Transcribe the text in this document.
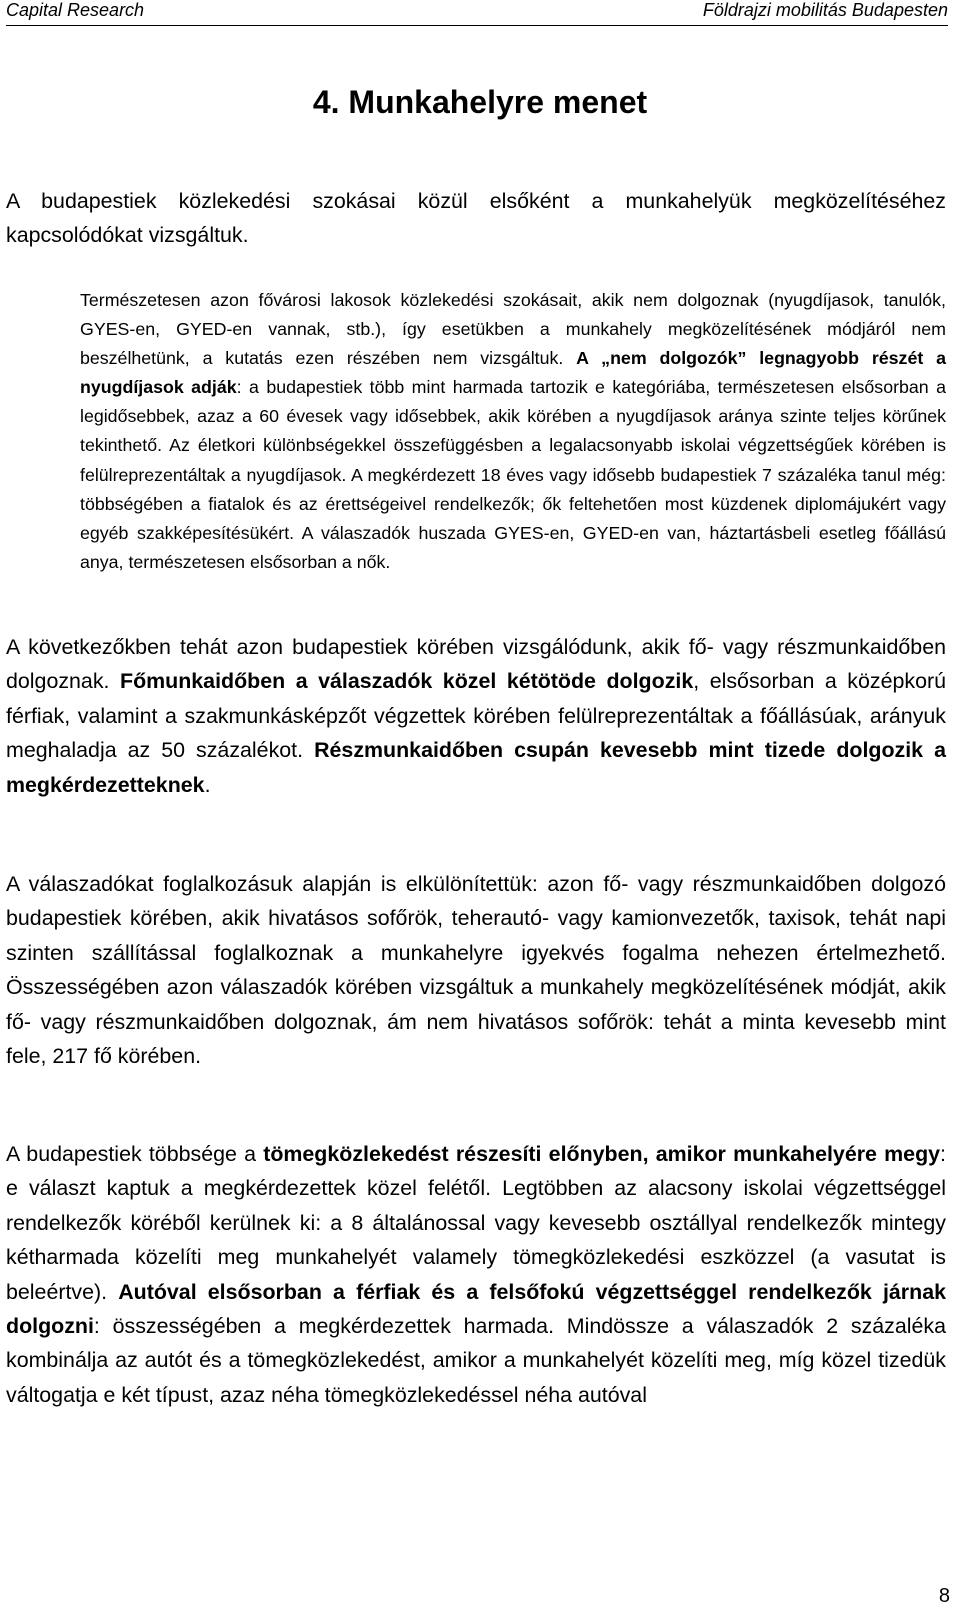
Capital Research	Földrajzi mobilitás Budapesten
4. Munkahelyre menet

A budapestiek közlekedési szokásai közül elsőként a munkahelyük megközelítéséhez kapcsolódókat vizsgáltuk.

Természetesen azon fővárosi lakosok közlekedési szokásait, akik nem dolgoznak (nyugdíjasok, tanulók, GYES-en, GYED-en vannak, stb.), így esetükben a munkahely megközelítésének módjáról nem beszélhetünk, a kutatás ezen részében nem vizsgáltuk. A „nem dolgozók” legnagyobb részét a nyugdíjasok adják: a budapestiek több mint harmada tartozik e kategóriába, természetesen elsősorban a legidősebbek, azaz a 60 évesek vagy idősebbek, akik körében a nyugdíjasok aránya szinte teljes körűnek tekinthető. Az életkori különbségekkel összefüggésben a legalacsonyabb iskolai végzettségűek körében is felülreprezentáltak a nyugdíjasok. A megkérdezett 18 éves vagy idősebb budapestiek 7 százaléka tanul még: többségében a fiatalok és az érettségeivel rendelkezők; ők feltehetően most küzdenek diplomájukért vagy egyéb szakképesítésükért. A válaszadók huszada GYES-en, GYED-en van, háztartásbeli esetleg főállású anya, természetesen elsősorban a nők.

A következőkben tehát azon budapestiek körében vizsgálódunk, akik fő- vagy részmunkaidőben dolgoznak. Főmunkaidőben a válaszadók közel kétötöde dolgozik, elsősorban a középkorú férfiak, valamint a szakmunkásképzőt végzettek körében felülreprezentáltak a főállásúak, arányuk meghaladja az 50 százalékot. Részmunkaidőben csupán kevesebb mint tizede dolgozik a megkérdezetteknek.

A válaszadókat foglalkozásuk alapján is elkülönítettük: azon fő- vagy részmunkaidőben dolgozó budapestiek körében, akik hivatásos sofőrök, teherautó- vagy kamionvezetők, taxisok, tehát napi szinten szállítással foglalkoznak a munkahelyre igyekvés fogalma nehezen értelmezhető. Összességében azon válaszadók körében vizsgáltuk a munkahely megközelítésének módját, akik fő- vagy részmunkaidőben dolgoznak, ám nem hivatásos sofőrök: tehát a minta kevesebb mint fele, 217 fő körében.

A budapestiek többsége a tömegközlekedést részesíti előnyben, amikor munkahelyére megy: e választ kaptuk a megkérdezettek közel felétől. Legtöbben az alacsony iskolai végzettséggel rendelkezők köréből kerülnek ki: a 8 általánossal vagy kevesebb osztállyal rendelkezők mintegy kétharmada közelíti meg munkahelyét valamely tömegközlekedési eszközzel (a vasutat is beleértve). Autóval elsősorban a férfiak és a felsőfokú végzettséggel rendelkezők járnak dolgozni: összességében a megkérdezettek harmada. Mindössze a válaszadók 2 százaléka kombinálja az autót és a tömegközlekedést, amikor a munkahelyét közelíti meg, míg közel tizedük váltogatja e két típust, azaz néha tömegközlekedéssel néha autóval

8
